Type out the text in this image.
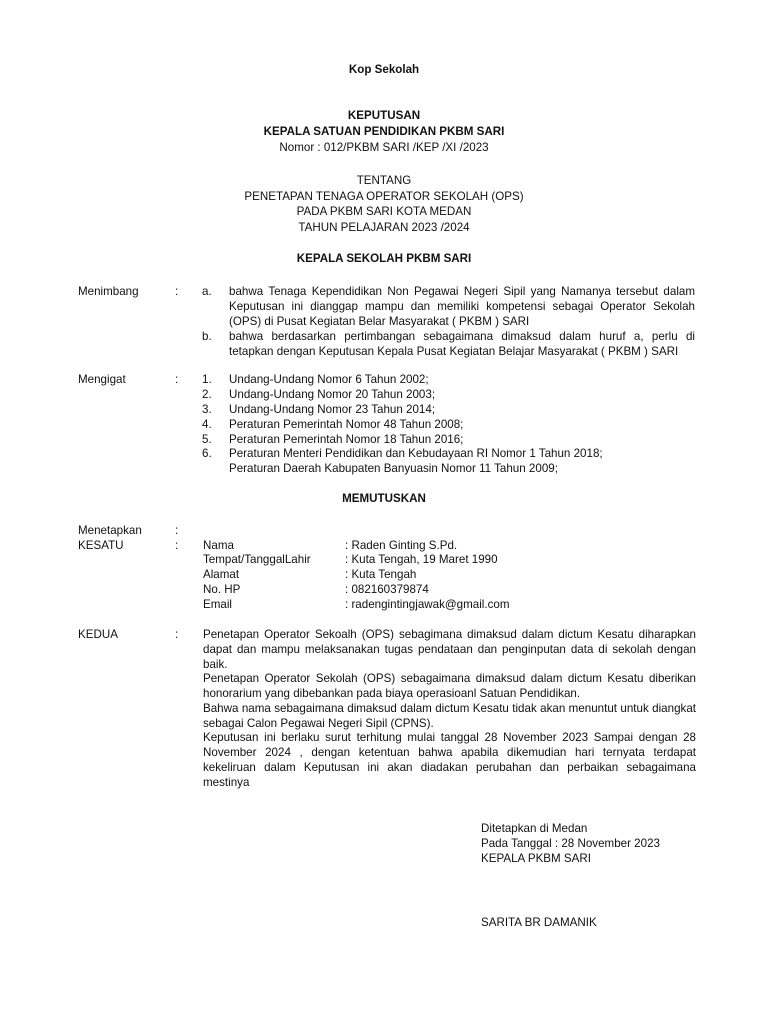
Kop Sekolah
KEPUTUSAN
KEPALA SATUAN PENDIDIKAN PKBM SARI
Nomor : 012/PKBM SARI /KEP /XI /2023
TENTANG
PENETAPAN TENAGA OPERATOR SEKOLAH (OPS)
PADA PKBM SARI KOTA MEDAN
TAHUN PELAJARAN 2023 /2024
KEPALA SEKOLAH PKBM SARI
Menimbang	: a. bahwa Tenaga Kependidikan Non Pegawai Negeri Sipil yang Namanya tersebut dalam Keputusan ini dianggap mampu dan memiliki kompetensi sebagai Operator Sekolah (OPS) di Pusat Kegiatan Belar Masyarakat ( PKBM ) SARI
b. bahwa berdasarkan pertimbangan sebagaimana dimaksud dalam huruf a, perlu di tetapkan dengan Keputusan Kepala Pusat Kegiatan Belajar Masyarakat ( PKBM ) SARI
Mengigat	: 1. Undang-Undang Nomor 6 Tahun 2002;
2. Undang-Undang Nomor 20 Tahun 2003;
3. Undang-Undang Nomor 23 Tahun 2014;
4. Peraturan Pemerintah Nomor 48 Tahun 2008;
5. Peraturan Pemerintah Nomor 18 Tahun 2016;
6. Peraturan Menteri Pendidikan dan Kebudayaan RI Nomor 1 Tahun 2018;
Peraturan Daerah Kabupaten Banyuasin Nomor 11 Tahun 2009;
MEMUTUSKAN
Menetapkan	:
KESATU	: Nama	: Raden Ginting S.Pd.
Tempat/TanggalLahir	: Kuta Tengah, 19 Maret 1990
Alamat	: Kuta Tengah
No. HP	: 082160379874
Email	: radengintingjawak@gmail.com
KEDUA	: Penetapan Operator Sekoalh (OPS) sebagimana dimaksud dalam dictum Kesatu diharapkan dapat dan mampu melaksanakan tugas pendataan dan penginputan data di sekolah dengan baik.
Penetapan Operator Sekolah (OPS) sebagaimana dimaksud dalam dictum Kesatu diberikan honorarium yang dibebankan pada biaya operasioanl Satuan Pendidikan.
Bahwa nama sebagaimana dimaksud dalam dictum Kesatu tidak akan menuntut untuk diangkat sebagai Calon Pegawai Negeri Sipil (CPNS).
Keputusan ini berlaku surut terhitung mulai tanggal 28 November 2023 Sampai dengan 28 November 2024 , dengan ketentuan bahwa apabila dikemudian hari ternyata terdapat kekeliruan dalam Keputusan ini akan diadakan perubahan dan perbaikan sebagaimana mestinya
Ditetapkan di Medan
Pada Tanggal : 28 November 2023
KEPALA PKBM SARI
SARITA BR DAMANIK
